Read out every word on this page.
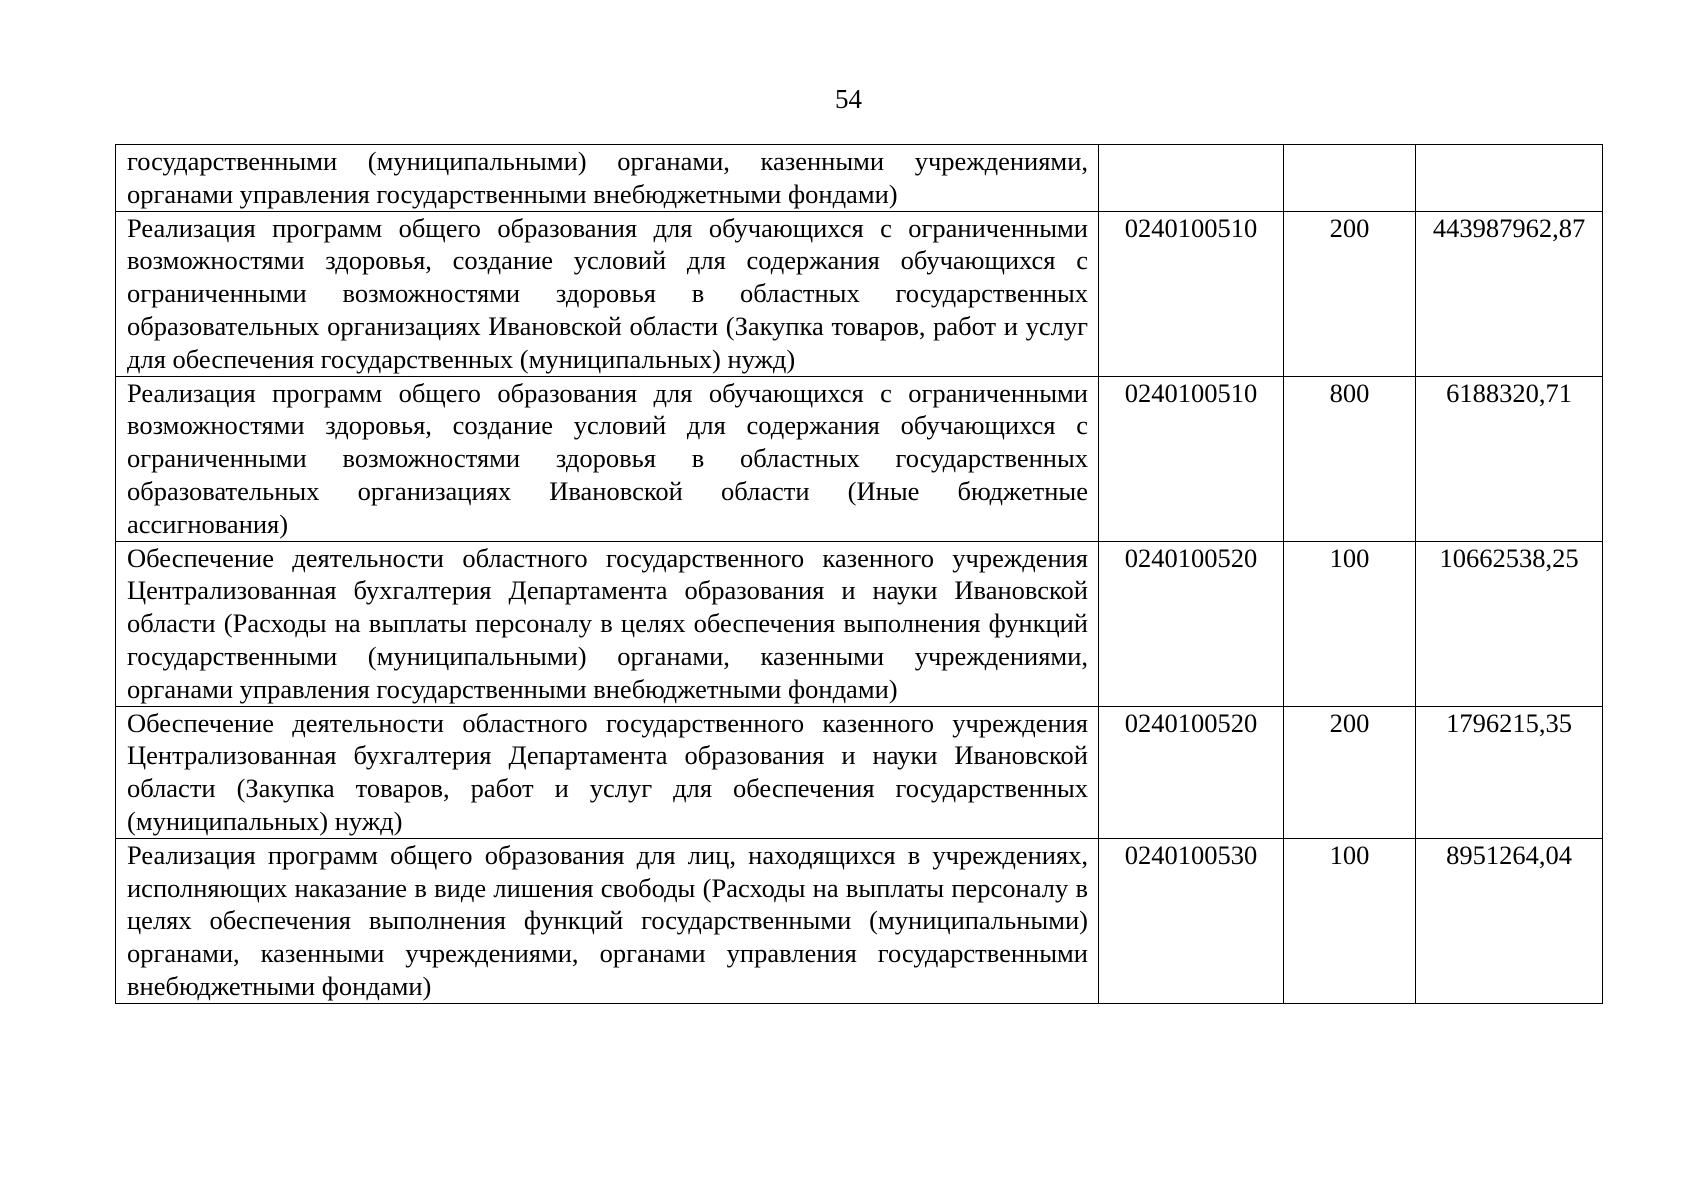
54
государственными (муниципальными) органами, казенными учреждениями, органами управления государственными внебюджетными фондами)			
Реализация программ общего образования для обучающихся с ограниченными возможностями здоровья, создание условий для содержания обучающихся с ограниченными возможностями здоровья в областных государственных образовательных организациях Ивановской области (Закупка товаров, работ и услуг для обеспечения государственных (муниципальных) нужд)	0240100510	200	443987962,87
Реализация программ общего образования для обучающихся с ограниченными возможностями здоровья, создание условий для содержания обучающихся с ограниченными возможностями здоровья в областных государственных образовательных организациях Ивановской области (Иные бюджетные ассигнования)	0240100510	800	6188320,71
Обеспечение деятельности областного государственного казенного учреждения Централизованная бухгалтерия Департамента образования и науки Ивановской области (Расходы на выплаты персоналу в целях обеспечения выполнения функций государственными (муниципальными) органами, казенными учреждениями, органами управления государственными внебюджетными фондами)	0240100520	100	10662538,25
Обеспечение деятельности областного государственного казенного учреждения Централизованная бухгалтерия Департамента образования и науки Ивановской области (Закупка товаров, работ и услуг для обеспечения государственных (муниципальных) нужд)	0240100520	200	1796215,35
Реализация программ общего образования для лиц, находящихся в учреждениях, исполняющих наказание в виде лишения свободы (Расходы на выплаты персоналу в целях обеспечения выполнения функций государственными (муниципальными) органами, казенными учреждениями, органами управления государственными внебюджетными фондами)	0240100530	100	8951264,04
